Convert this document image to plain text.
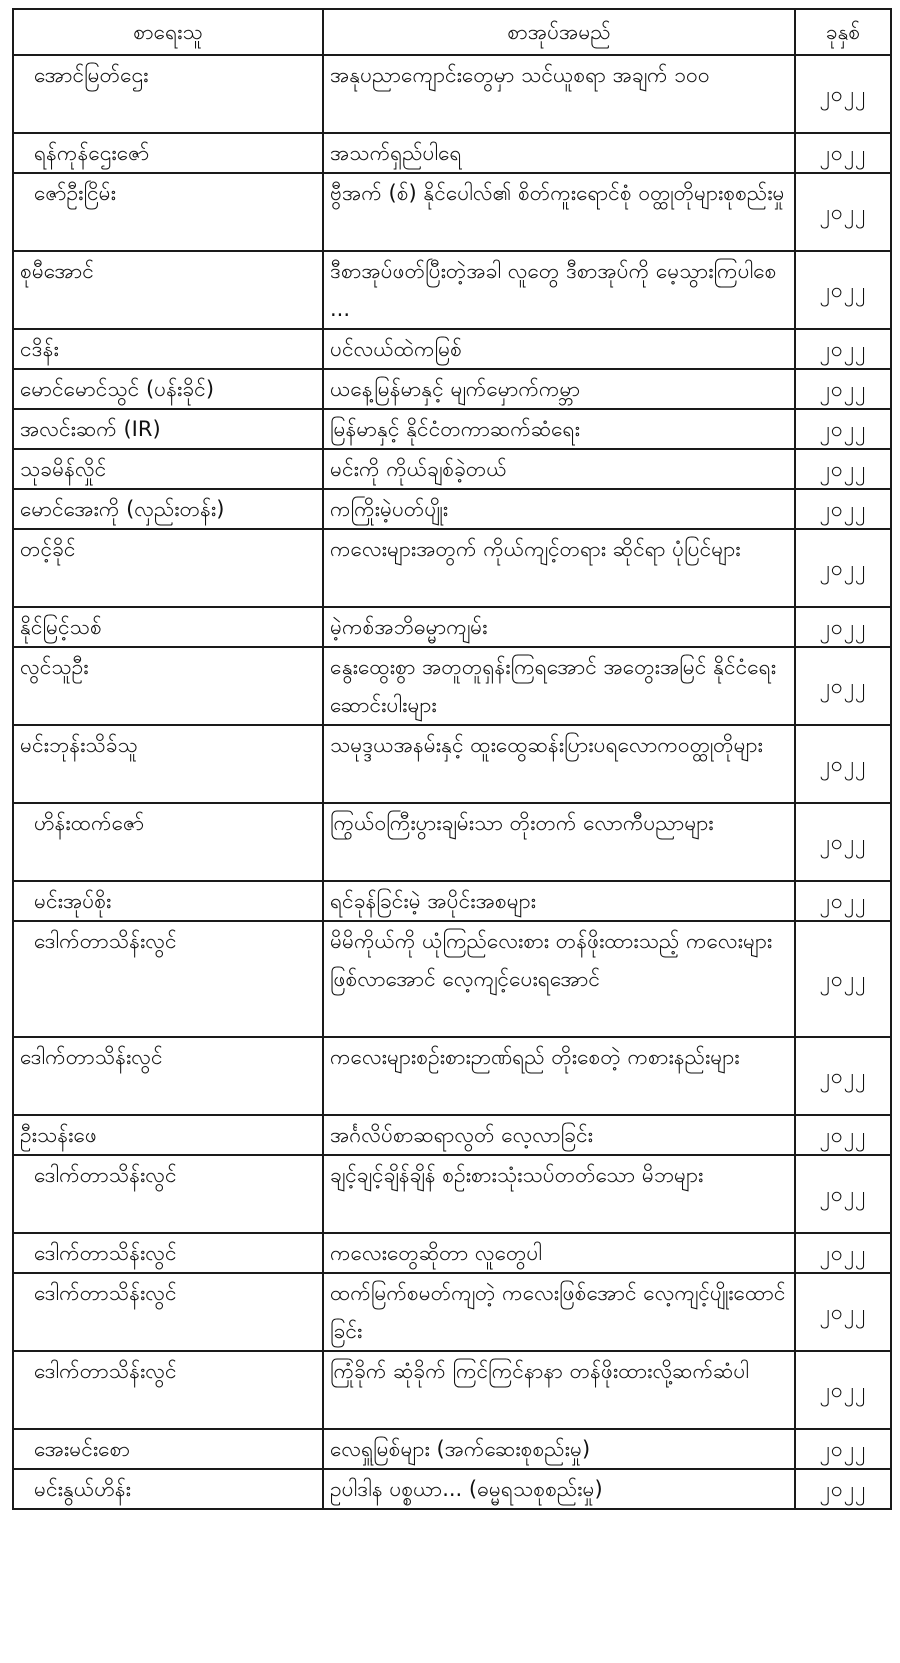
စာရေးသူ	စာအုပ်အမည်	ခုနှစ်
အောင်မြတ်ဌေး	အနုပညာကျောင်းတွေမှာ သင်ယူစရာ အချက် ၁၀၀	၂၀၂၂
ရန်ကုန်ဌေးဇော်	အသက်ရှည်ပါရေ	၂၀၂၂
ဇော်ဦးငြိမ်း	ဗွီအက် (စ်) နိုင်ပေါလ်၏ စိတ်ကူးရောင်စုံ ဝတ္ထုတိုများစုစည်းမှု	၂၀၂၂
စုမီအောင်	ဒီစာအုပ်ဖတ်ပြီးတဲ့အခါ လူတွေ ဒီစာအုပ်ကို မေ့သွားကြပါစေ ...	၂၀၂၂
ငဒိန်း	ပင်လယ်ထဲကမြစ်	၂၀၂၂
မောင်မောင်သွင် (ပန်းခိုင်)	ယနေ့မြန်မာနှင့် မျက်မှောက်ကမ္ဘာ	၂၀၂၂
အလင်းဆက် (IR)	မြန်မာနှင့် နိုင်ငံတကာဆက်ဆံရေး	၂၀၂၂
သုခမိန်လှိုင်	မင်းကို ကိုယ်ချစ်ခဲ့တယ်	၂၀၂၂
မောင်အေးကို (လှည်းတန်း)	ကကြိုးမဲ့ပတ်ပျိုး	၂၀၂၂
တင့်ခိုင်	ကလေးများအတွက် ကိုယ်ကျင့်တရား ဆိုင်ရာ ပုံပြင်များ	၂၀၂၂
နိုင်မြင့်သစ်	မဲ့ကစ်အဘိဓမ္မာကျမ်း	၂၀၂၂
လွင်သူဦး	နွေးထွေးစွာ အတူတူရှန်းကြရအောင် အတွေးအမြင် နိုင်ငံရေး ဆောင်းပါးများ	၂၀၂၂
မင်းဘုန်းသိခ်သူ	သမုဒ္ဒယအနမ်းနှင့် ထူးထွေဆန်းပြားပရလောကဝတ္ထုတိုများ	၂၀၂၂
ဟိန်းထက်ဇော်	ကြွယ်ဝကြီးပွားချမ်းသာ တိုးတက် လောကီပညာများ	၂၀၂၂
မင်းအုပ်စိုး	ရင်ခုန်ခြင်းမဲ့ အပိုင်းအစများ	၂၀၂၂
ဒေါက်တာသိန်းလွင်	မိမိကိုယ်ကို ယုံကြည်လေးစား တန်ဖိုးထားသည့် ကလေးများ ဖြစ်လာအောင် လေ့ကျင့်ပေးရအောင်	၂၀၂၂
ဒေါက်တာသိန်းလွင်	ကလေးများစဉ်းစားဉာဏ်ရည် တိုးစေတဲ့ ကစားနည်းများ	၂၀၂၂
ဦးသန်းဖေ	အင်္ဂလိပ်စာဆရာလွတ် လေ့လာခြင်း	၂၀၂၂
ဒေါက်တာသိန်းလွင်	ချင့်ချင့်ချိန်ချိန် စဉ်းစားသုံးသပ်တတ်သော မိဘများ	၂၀၂၂
ဒေါက်တာသိန်းလွင်	ကလေးတွေဆိုတာ လူတွေပါ	၂၀၂၂
ဒေါက်တာသိန်းလွင်	ထက်မြက်စမတ်ကျတဲ့ ကလေးဖြစ်အောင် လေ့ကျင့်ပျိုးထောင်ခြင်း	၂၀၂၂
ဒေါက်တာသိန်းလွင်	ကြုံခိုက် ဆုံခိုက် ကြင်ကြင်နာနာ တန်ဖိုးထားလို့ဆက်ဆံပါ	၂၀၂၂
အေးမင်းစော	လေရှူမြစ်များ (အက်ဆေးစုစည်းမှု)	၂၀၂၂
မင်းနွယ်ဟိန်း	ဥပါဒါန ပစ္စယာ... (ဓမ္မရသစုစည်းမှု)	၂၀၂၂
